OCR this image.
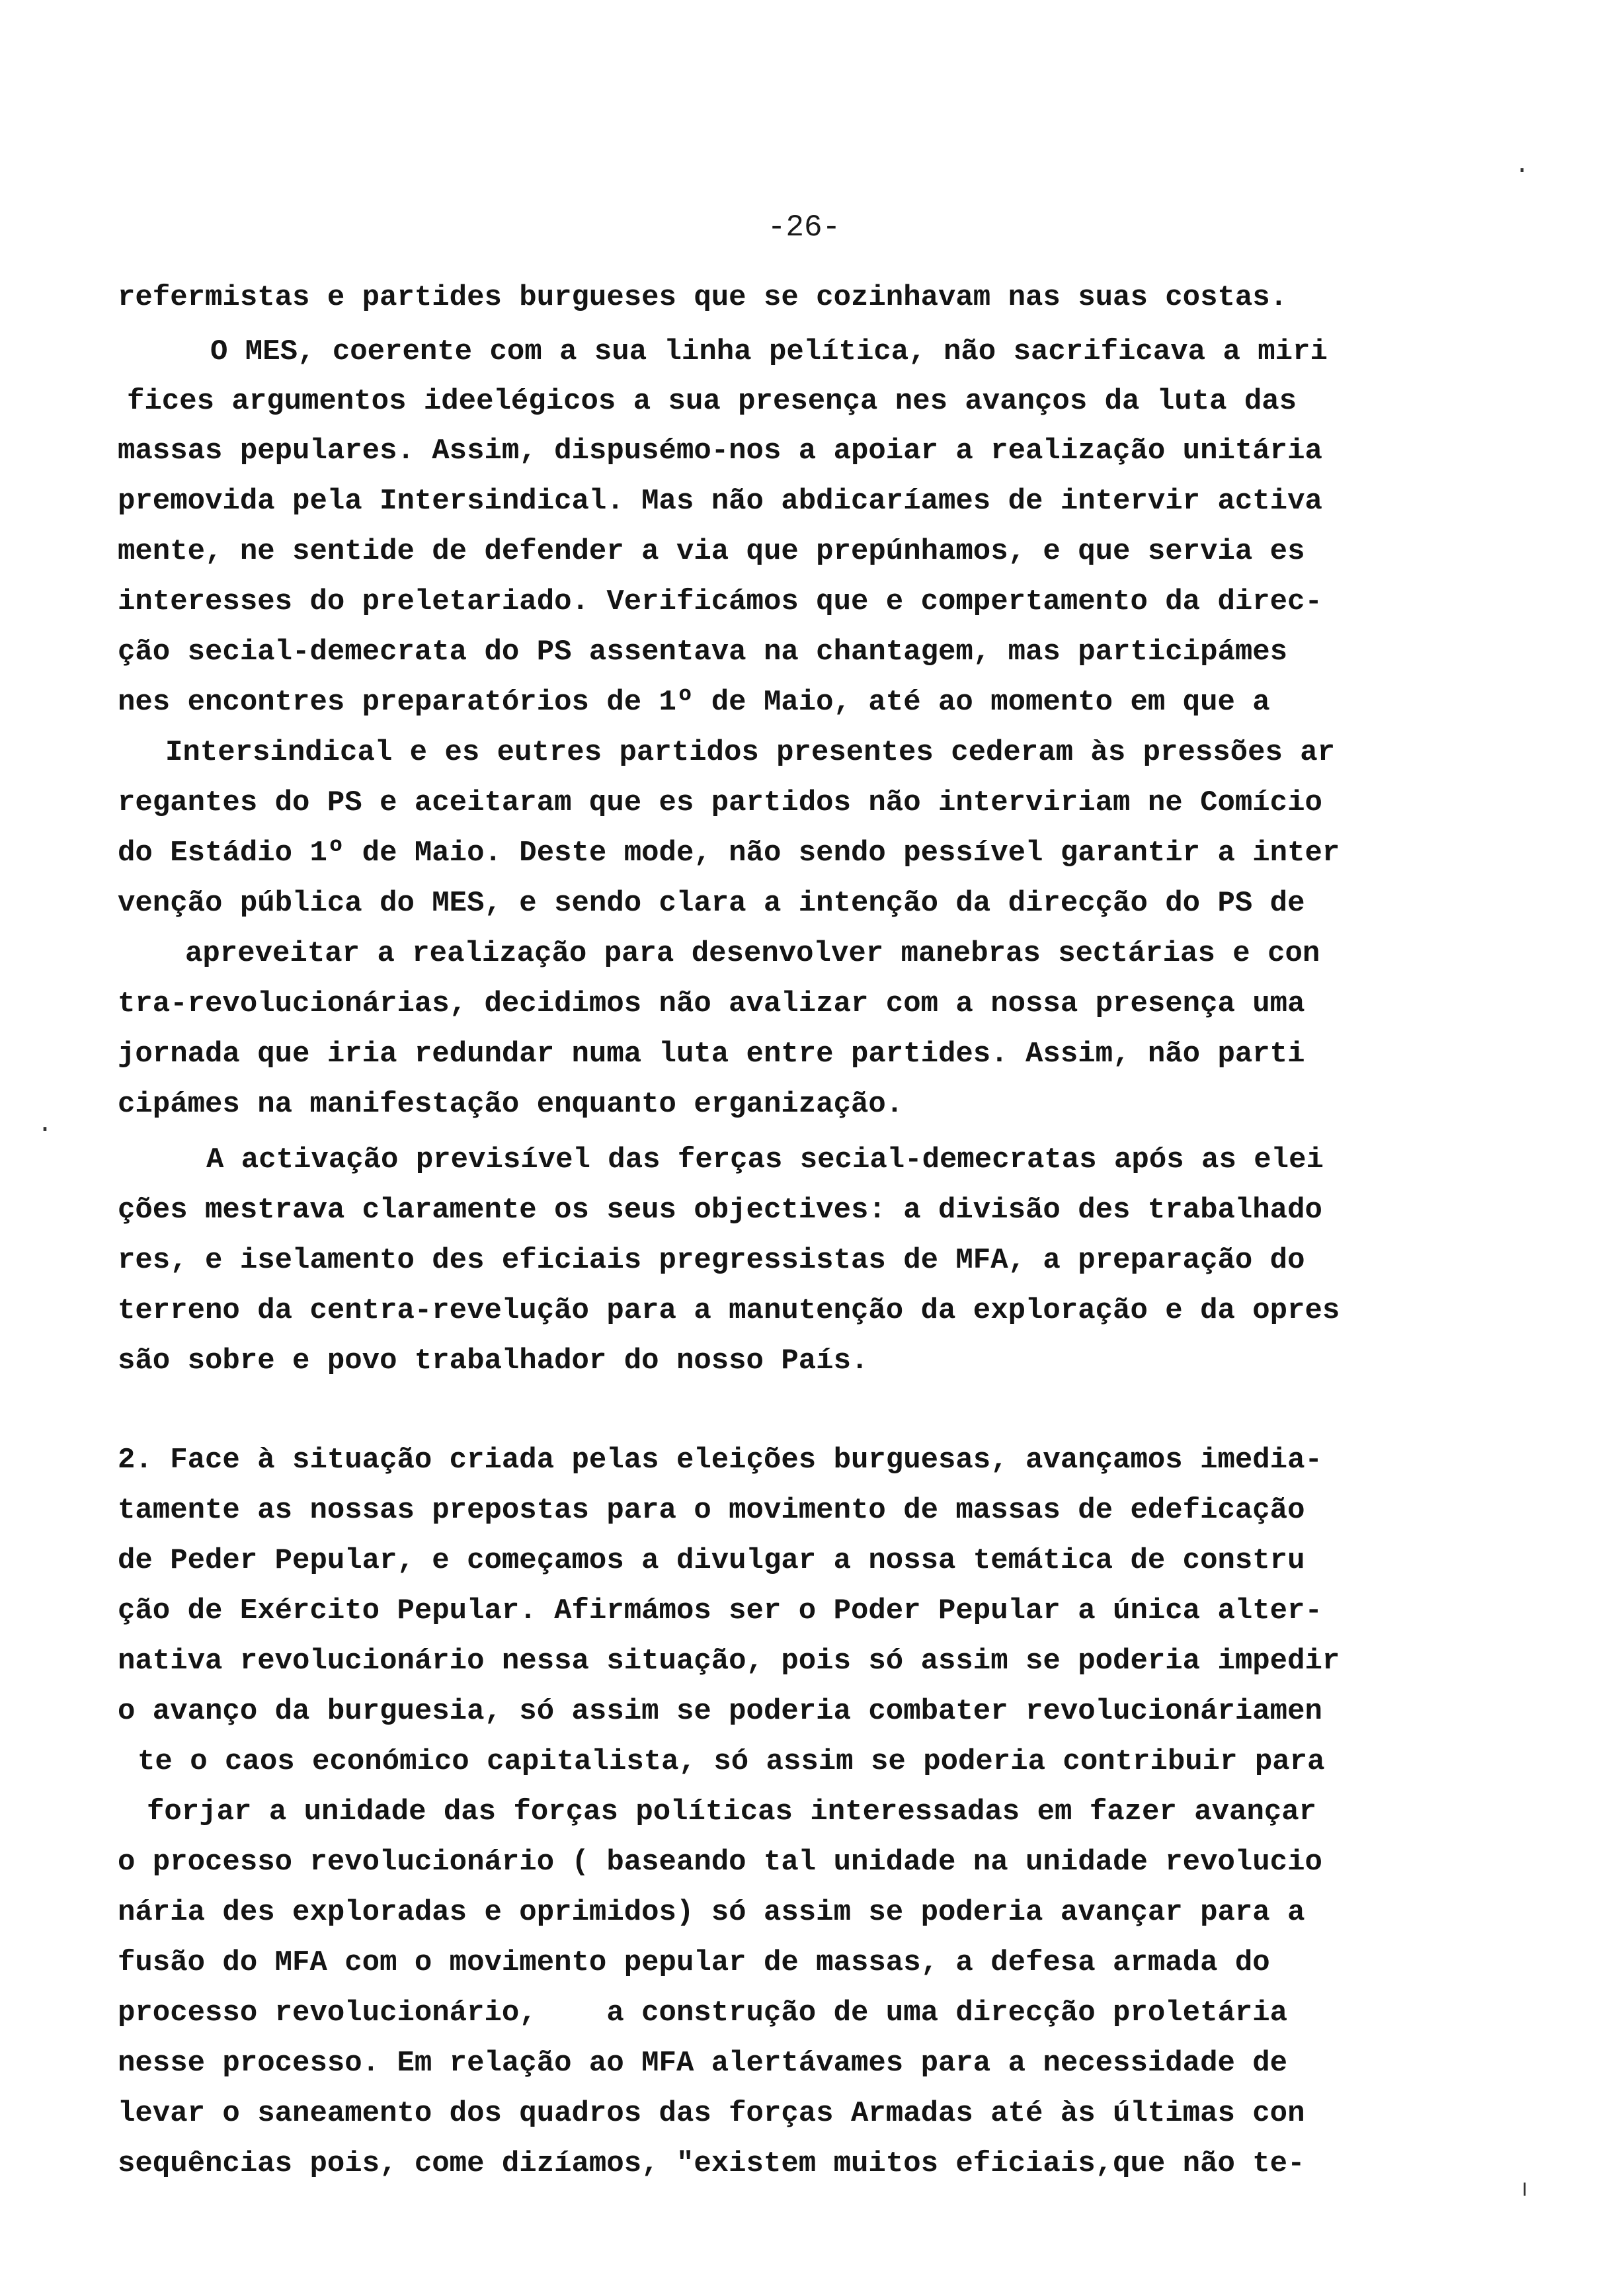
-26-
refermistas e partides burgueses que se cozinhavam nas suas costas.
O MES, coerente com a sua linha pelítica, não sacrificava a miri
fices argumentos ideelégicos a sua presença nes avanços da luta das
massas pepulares. Assim, dispusémo-nos a apoiar a realização unitária
premovida pela Intersindical. Mas não abdicaríames de intervir activa
mente, ne sentide de defender a via que prepúnhamos, e que servia es
interesses do preletariado. Verificámos que e compertamento da direc-
ção secial-demecrata do PS assentava na chantagem, mas participámes
nes encontres preparatórios de 1º de Maio, até ao momento em que a
Intersindical e es eutres partidos presentes cederam às pressões ar
regantes do PS e aceitaram que es partidos não interviriam ne Comício
do Estádio 1º de Maio. Deste mode, não sendo pessível garantir a inter
venção pública do MES, e sendo clara a intenção da direcção do PS de
apreveitar a realização para desenvolver manebras sectárias e con
tra-revolucionárias, decidimos não avalizar com a nossa presença uma
jornada que iria redundar numa luta entre partides. Assim, não parti
cipámes na manifestação enquanto erganização.
A activação previsível das ferças secial-demecratas após as elei
ções mestrava claramente os seus objectives: a divisão des trabalhado
res, e iselamento des eficiais pregressistas de MFA, a preparação do
terreno da centra-revelução para a manutenção da exploração e da opres
são sobre e povo trabalhador do nosso País.
2. Face à situação criada pelas eleições burguesas, avançamos imedia-
tamente as nossas prepostas para o movimento de massas de edeficação
de Peder Pepular, e começamos a divulgar a nossa temática de constru
ção de Exército Pepular. Afirmámos ser o Poder Pepular a única alter-
nativa revolucionário nessa situação, pois só assim se poderia impedir
o avanço da burguesia, só assim se poderia combater revolucionáriamen
te o caos económico capitalista, só assim se poderia contribuir para
forjar a unidade das forças políticas interessadas em fazer avançar
o processo revolucionário ( baseando tal unidade na unidade revolucio
nária des exploradas e oprimidos) só assim se poderia avançar para a
fusão do MFA com o movimento pepular de massas, a defesa armada do
processo revolucionário,    a construção de uma direcção proletária
nesse processo. Em relação ao MFA alertávames para a necessidade de
levar o saneamento dos quadros das forças Armadas até às últimas con
sequências pois, come dizíamos, "existem muitos eficiais,que não te-
·
·
ᴵ
